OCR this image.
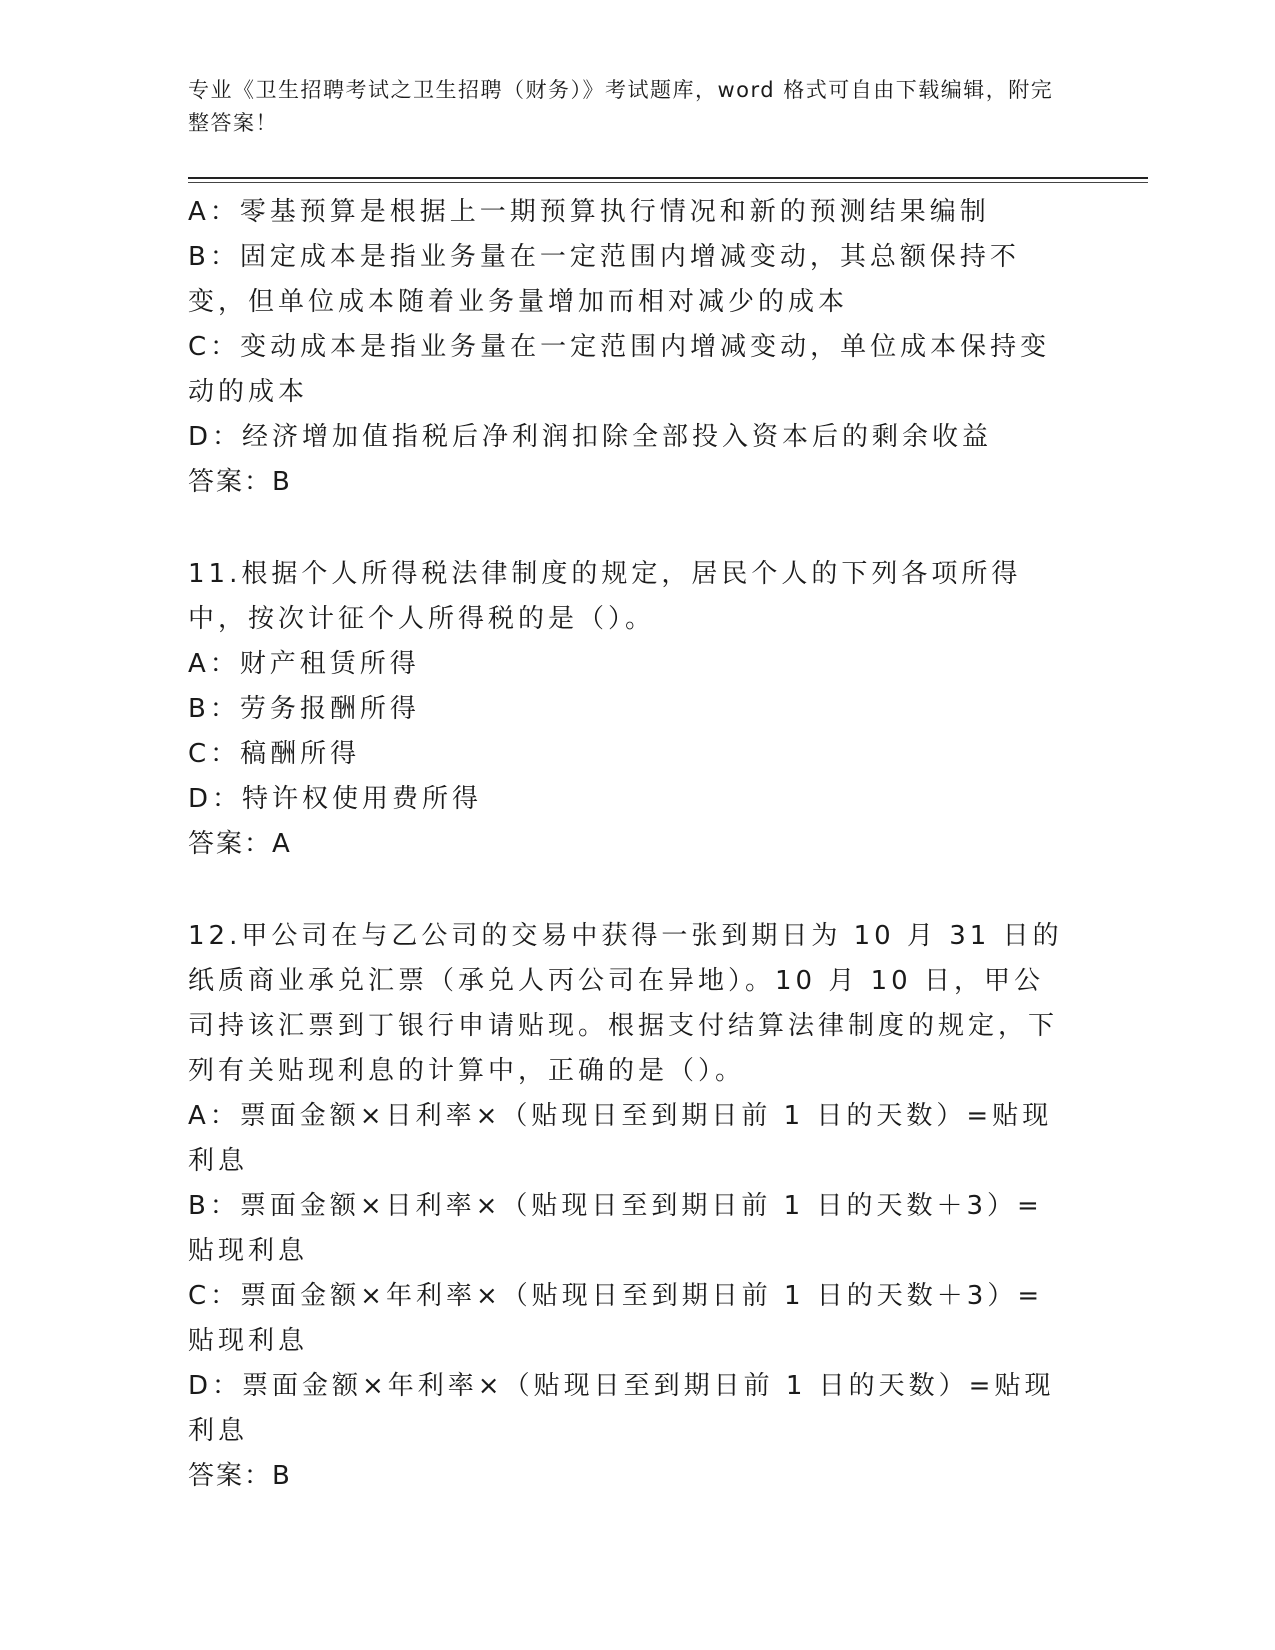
专业《卫生招聘考试之卫生招聘（财务）》考试题库，word 格式可自由下载编辑，附完整答案！

A：零基预算是根据上一期预算执行情况和新的预测结果编制

B：固定成本是指业务量在一定范围内增减变动，其总额保持不变，但单位成本随着业务量增加而相对减少的成本

C：变动成本是指业务量在一定范围内增减变动，单位成本保持变动的成本

D：经济增加值指税后净利润扣除全部投入资本后的剩余收益

答案：B

11.根据个人所得税法律制度的规定，居民个人的下列各项所得中，按次计征个人所得税的是（）。

A：财产租赁所得

B：劳务报酬所得

C：稿酬所得

D：特许权使用费所得

答案：A

12.甲公司在与乙公司的交易中获得一张到期日为 10 月 31 日的纸质商业承兑汇票（承兑人丙公司在异地）。10 月 10 日，甲公司持该汇票到丁银行申请贴现。根据支付结算法律制度的规定，下列有关贴现利息的计算中，正确的是（）。

A：票面金额×日利率×（贴现日至到期日前 1 日的天数）=贴现利息

B：票面金额×日利率×（贴现日至到期日前 1 日的天数＋3）=贴现利息

C：票面金额×年利率×（贴现日至到期日前 1 日的天数＋3）=贴现利息

D：票面金额×年利率×（贴现日至到期日前 1 日的天数）=贴现利息

答案：B
